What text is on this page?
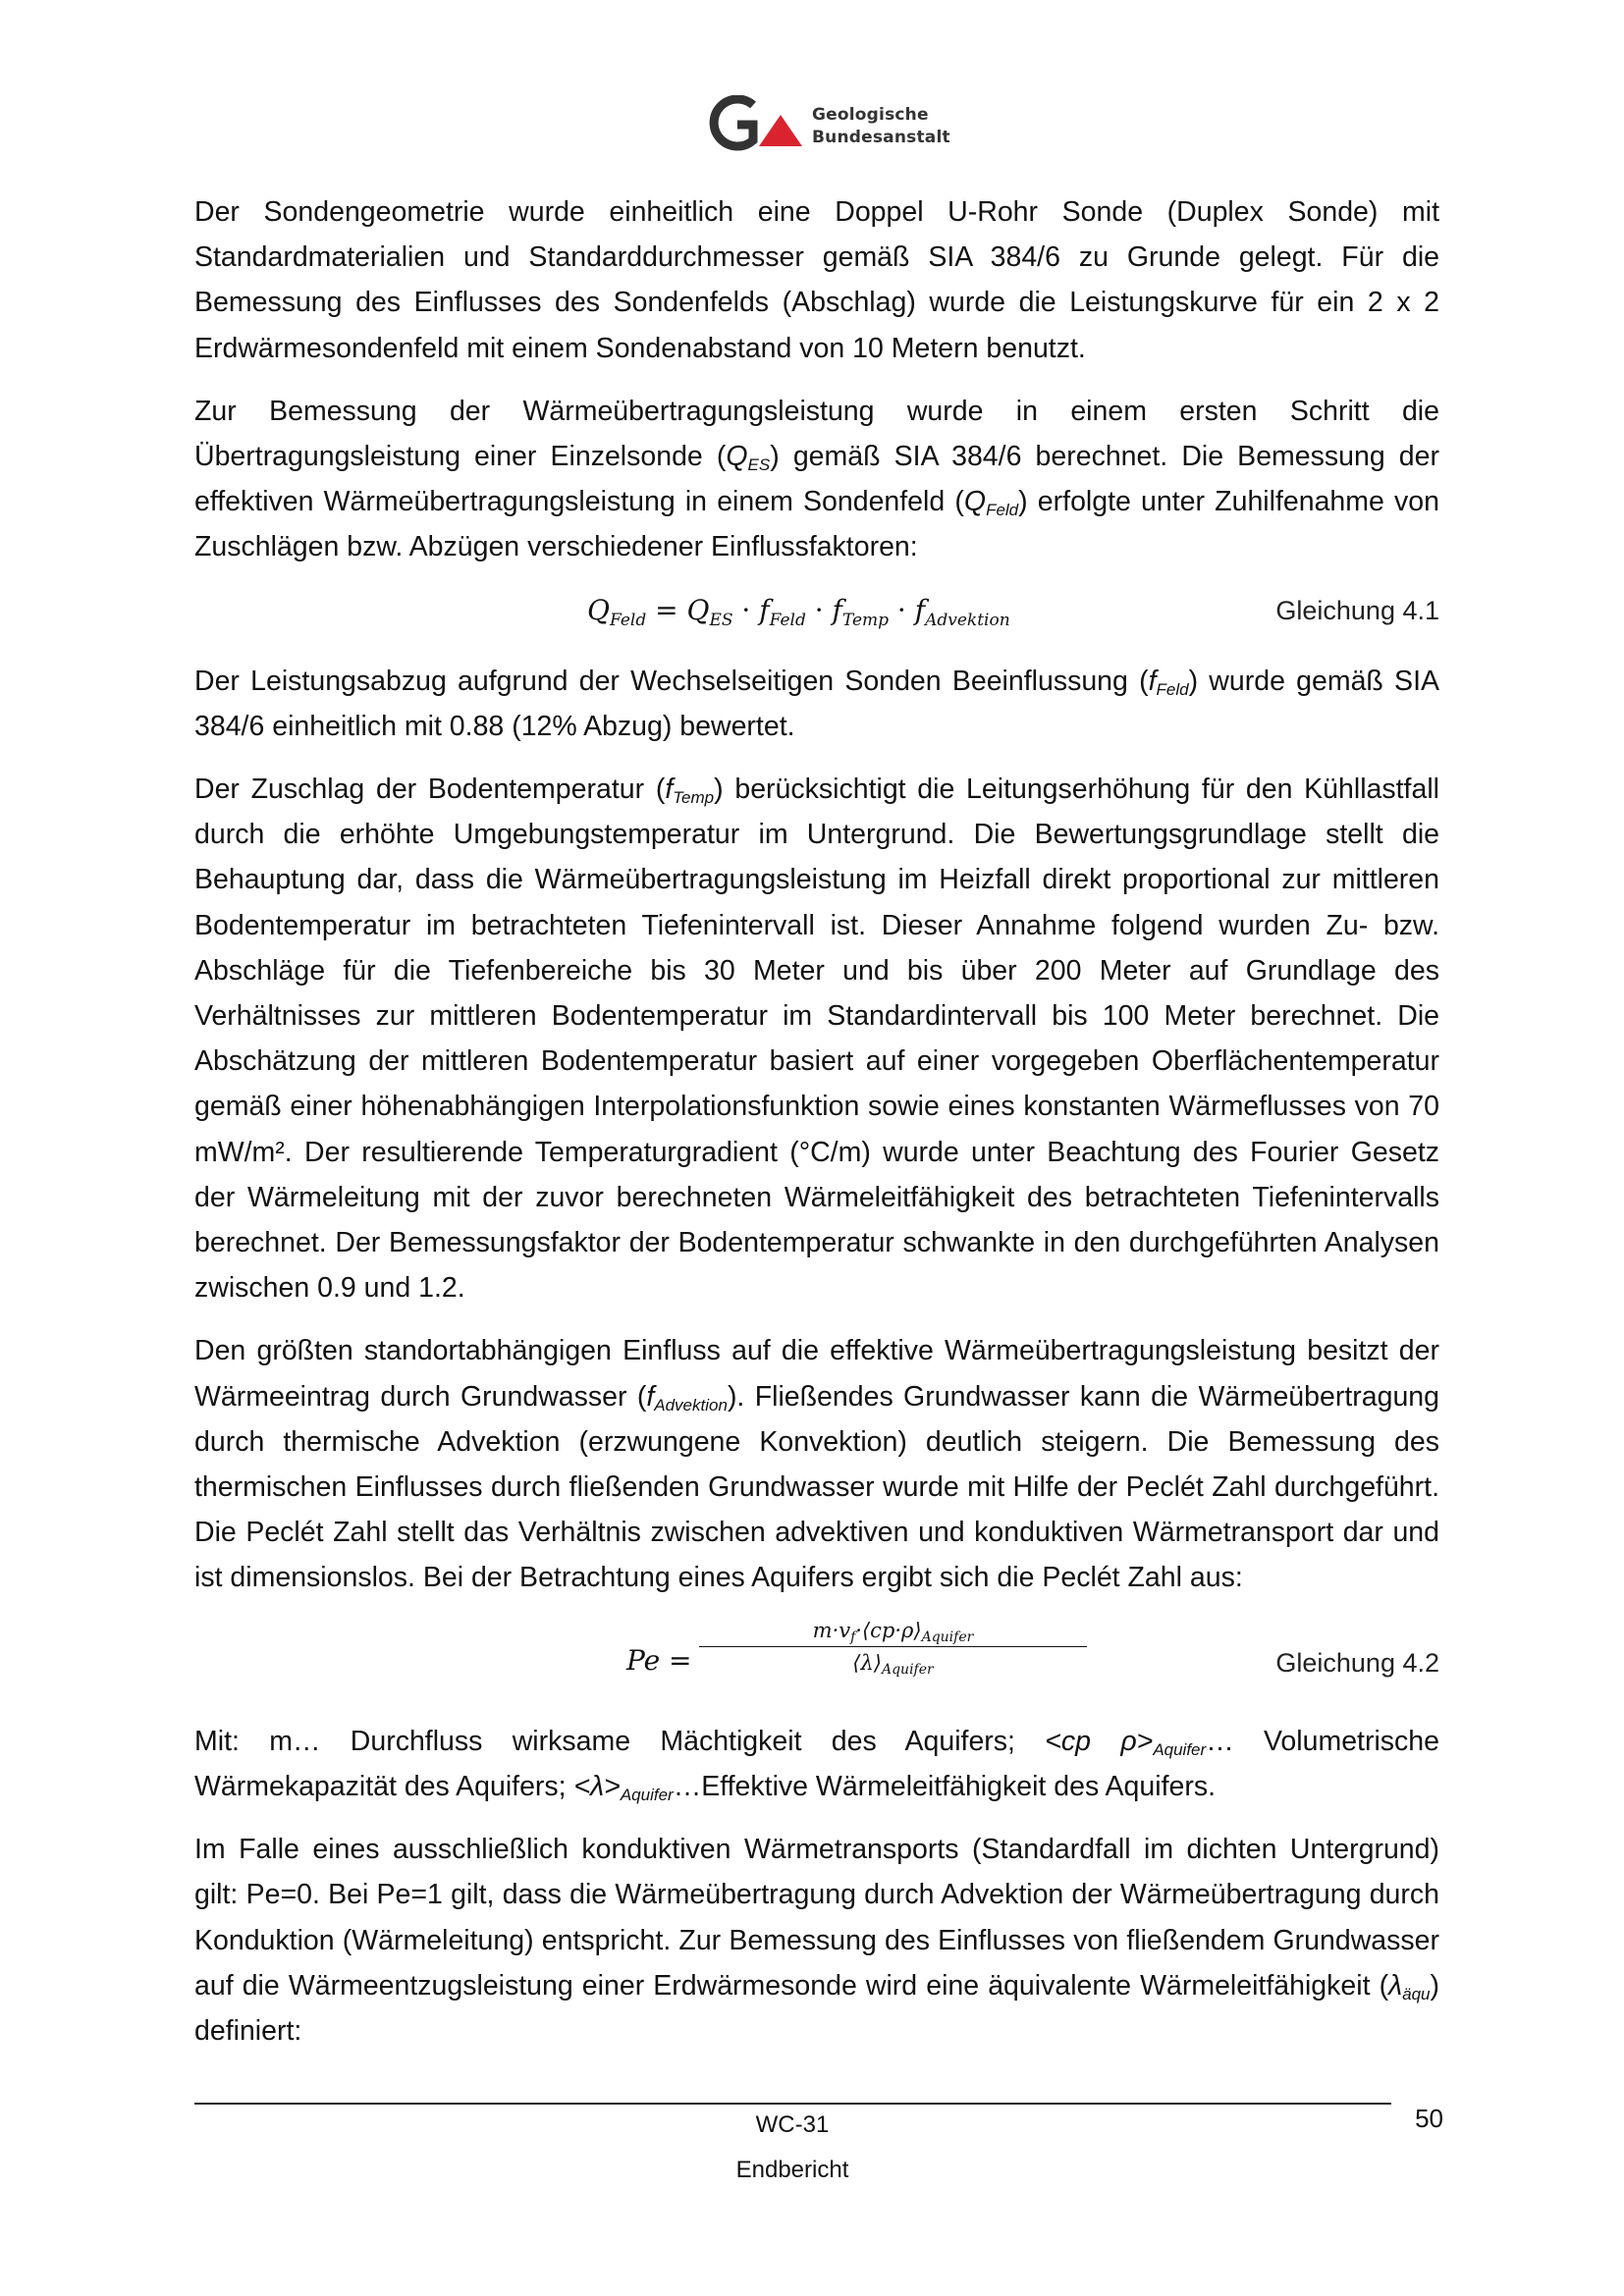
Geologische
Bundesanstalt

Der Sondengeometrie wurde einheitlich eine Doppel U-Rohr Sonde (Duplex Sonde) mit Standardmaterialien und Standarddurchmesser gemäß SIA 384/6 zu Grunde gelegt. Für die Bemessung des Einflusses des Sondenfelds (Abschlag) wurde die Leistungskurve für ein 2 x 2 Erdwärmesondenfeld mit einem Sondenabstand von 10 Metern benutzt.

Zur Bemessung der Wärmeübertragungsleistung wurde in einem ersten Schritt die Übertragungsleistung einer Einzelsonde $(Q_{ES})$ gemäß SIA 384/6 berechnet. Die Bemessung der effektiven Wärmeübertragungsleistung in einem Sondenfeld $(Q_{Feld})$ erfolgte unter Zuhilfenahme von Zuschlägen bzw. Abzügen verschiedener Einflussfaktoren:

$Q_{Feld} = Q_{ES} \cdot f_{Feld} \cdot f_{Temp} \cdot f_{Advektion}$	Gleichung 4.1

Der Leistungsabzug aufgrund der Wechselseitigen Sonden Beeinflussung $(f_{Feld})$ wurde gemäß SIA 384/6 einheitlich mit 0.88 (12% Abzug) bewertet.

Der Zuschlag der Bodentemperatur $(f_{Temp})$ berücksichtigt die Leitungserhöhung für den Kühllastfall durch die erhöhte Umgebungstemperatur im Untergrund. Die Bewertungsgrundlage stellt die Behauptung dar, dass die Wärmeübertragungsleistung im Heizfall direkt proportional zur mittleren Bodentemperatur im betrachteten Tiefenintervall ist. Dieser Annahme folgend wurden Zu- bzw. Abschläge für die Tiefenbereiche bis 30 Meter und bis über 200 Meter auf Grundlage des Verhältnisses zur mittleren Bodentemperatur im Standardintervall bis 100 Meter berechnet. Die Abschätzung der mittleren Bodentemperatur basiert auf einer vorgegeben Oberflächentemperatur gemäß einer höhenabhängigen Interpolationsfunktion sowie eines konstanten Wärmeflusses von 70 mW/m². Der resultierende Temperaturgradient (°C/m) wurde unter Beachtung des Fourier Gesetz der Wärmeleitung mit der zuvor berechneten Wärmeleitfähigkeit des betrachteten Tiefenintervalls berechnet. Der Bemessungsfaktor der Bodentemperatur schwankte in den durchgeführten Analysen zwischen 0.9 und 1.2.

Den größten standortabhängigen Einfluss auf die effektive Wärmeübertragungsleistung besitzt der Wärmeeintrag durch Grundwasser $(f_{Advektion})$. Fließendes Grundwasser kann die Wärmeübertragung durch thermische Advektion (erzwungene Konvektion) deutlich steigern. Die Bemessung des thermischen Einflusses durch fließenden Grundwasser wurde mit Hilfe der Peclét Zahl durchgeführt. Die Peclét Zahl stellt das Verhältnis zwischen advektiven und konduktiven Wärmetransport dar und ist dimensionslos. Bei der Betrachtung eines Aquifers ergibt sich die Peclét Zahl aus:

Pe =
$m\cdot v_f\cdot⟨cp\cdot\rho⟩_{Aquifer}$
$⟨\lambda⟩_{Aquifer}$	Gleichung 4.2

Mit: m… Durchfluss wirksame Mächtigkeit des Aquifers; <cp $\rho>_{Aquifer}\dots$ Volumetrische Wärmekapazität des Aquifers; $<\lambda>_{Aquifer}\dots Effektive$ Wärmeleitfähigkeit des Aquifers.

Im Falle eines ausschließlich konduktiven Wärmetransports (Standardfall im dichten Untergrund) gilt: Pe=0. Bei Pe=1 gilt, dass die Wärmeübertragung durch Advektion der Wärmeübertragung durch Konduktion (Wärmeleitung) entspricht. Zur Bemessung des Einflusses von fließendem Grundwasser auf die Wärmeentzugsleistung einer Erdwärmesonde wird eine äquivalente Wärmeleitfähigkeit $(\lambda_{äqu})$ definiert:

WC-31	50
Endbericht
